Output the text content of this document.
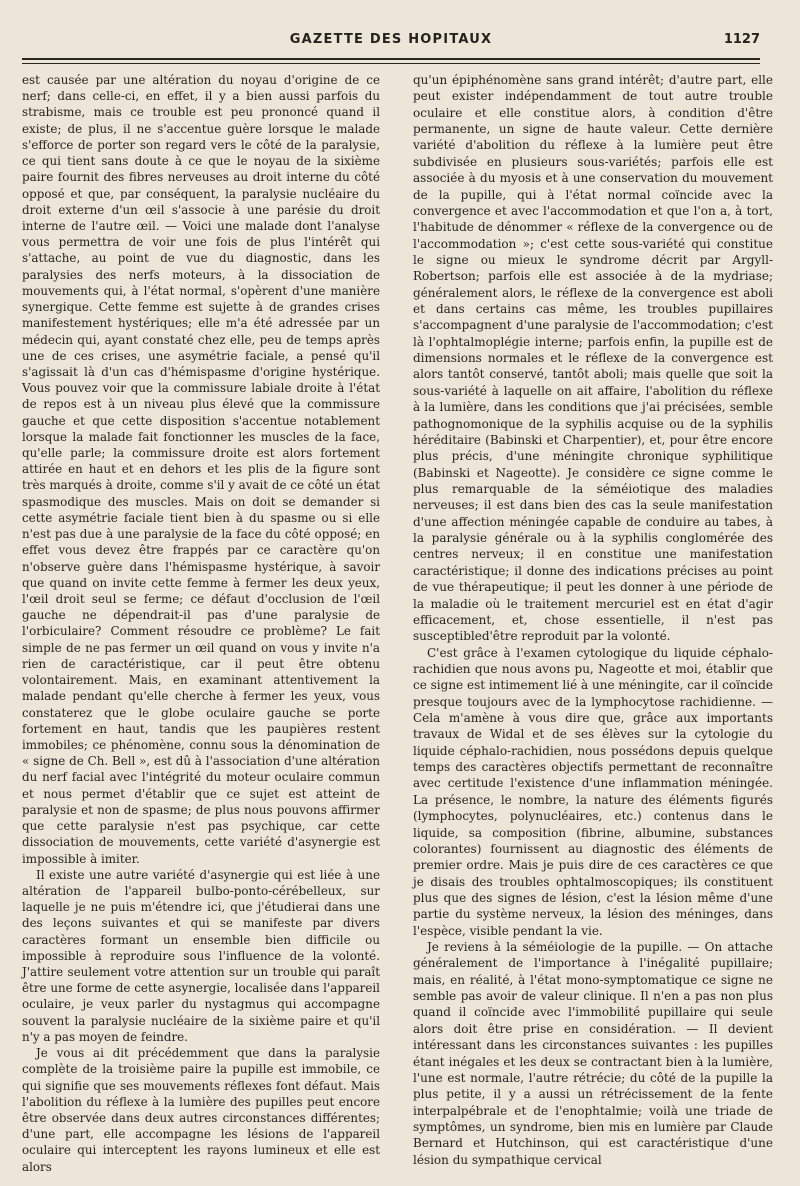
GAZETTE DES HOPITAUX	1127

est causée par une altération du noyau d'origine de ce nerf; dans celle-ci, en effet, il y a bien aussi parfois du strabisme, mais ce trouble est peu prononcé quand il existe; de plus, il ne s'accentue guère lorsque le malade s'efforce de porter son regard vers le côté de la paralysie, ce qui tient sans doute à ce que le noyau de la sixième paire fournit des fibres nerveuses au droit interne du côté opposé et que, par conséquent, la paralysie nucléaire du droit externe d'un œil s'associe à une parésie du droit interne de l'autre œil. — Voici une malade dont l'analyse vous permettra de voir une fois de plus l'intérêt qui s'attache, au point de vue du diagnostic, dans les paralysies des nerfs moteurs, à la dissociation de mouvements qui, à l'état normal, s'opèrent d'une manière synergique. Cette femme est sujette à de grandes crises manifestement hystériques; elle m'a été adressée par un médecin qui, ayant constaté chez elle, peu de temps après une de ces crises, une asymétrie faciale, a pensé qu'il s'agissait là d'un cas d'hémispasme d'origine hystérique. Vous pouvez voir que la commissure labiale droite à l'état de repos est à un niveau plus élevé que la commissure gauche et que cette disposition s'accentue notablement lorsque la malade fait fonctionner les muscles de la face, qu'elle parle; la commissure droite est alors fortement attirée en haut et en dehors et les plis de la figure sont très marqués à droite, comme s'il y avait de ce côté un état spasmodique des muscles. Mais on doit se demander si cette asymétrie faciale tient bien à du spasme ou si elle n'est pas due à une paralysie de la face du côté opposé; en effet vous devez être frappés par ce caractère qu'on n'observe guère dans l'hémispasme hystérique, à savoir que quand on invite cette femme à fermer les deux yeux, l'œil droit seul se ferme; ce défaut d'occlusion de l'œil gauche ne dépendrait-il pas d'une paralysie de l'orbiculaire? Comment résoudre ce problème? Le fait simple de ne pas fermer un œil quand on vous y invite n'a rien de caractéristique, car il peut être obtenu volontairement. Mais, en examinant attentivement la malade pendant qu'elle cherche à fermer les yeux, vous constaterez que le globe oculaire gauche se porte fortement en haut, tandis que les paupières restent immobiles; ce phénomène, connu sous la dénomination de « signe de Ch. Bell », est dû à l'association d'une altération du nerf facial avec l'intégrité du moteur oculaire commun et nous permet d'établir que ce sujet est atteint de paralysie et non de spasme; de plus nous pouvons affirmer que cette paralysie n'est pas psychique, car cette dissociation de mouvements, cette variété d'asynergie est impossible à imiter.

Il existe une autre variété d'asynergie qui est liée à une altération de l'appareil bulbo-ponto-cérébelleux, sur laquelle je ne puis m'étendre ici, que j'étudierai dans une des leçons suivantes et qui se manifeste par divers caractères formant un ensemble bien difficile ou impossible à reproduire sous l'influence de la volonté. J'attire seulement votre attention sur un trouble qui paraît être une forme de cette asynergie, localisée dans l'appareil oculaire, je veux parler du nystagmus qui accompagne souvent la paralysie nucléaire de la sixième paire et qu'il n'y a pas moyen de feindre.

Je vous ai dit précédemment que dans la paralysie complète de la troisième paire la pupille est immobile, ce qui signifie que ses mouvements réflexes font défaut. Mais l'abolition du réflexe à la lumière des pupilles peut encore être observée dans deux autres circonstances différentes; d'une part, elle accompagne les lésions de l'appareil oculaire qui interceptent les rayons lumineux et elle est alors

qu'un épiphénomène sans grand intérêt; d'autre part, elle peut exister indépendamment de tout autre trouble oculaire et elle constitue alors, à condition d'être permanente, un signe de haute valeur. Cette dernière variété d'abolition du réflexe à la lumière peut être subdivisée en plusieurs sous-variétés; parfois elle est associée à du myosis et à une conservation du mouvement de la pupille, qui à l'état normal coïncide avec la convergence et avec l'accommodation et que l'on a, à tort, l'habitude de dénommer « réflexe de la convergence ou de l'accommodation »; c'est cette sous-variété qui constitue le signe ou mieux le syndrome décrit par Argyll-Robertson; parfois elle est associée à de la mydriase; généralement alors, le réflexe de la convergence est aboli et dans certains cas même, les troubles pupillaires s'accompagnent d'une paralysie de l'accommodation; c'est là l'ophtalmoplégie interne; parfois enfin, la pupille est de dimensions normales et le réflexe de la convergence est alors tantôt conservé, tantôt aboli; mais quelle que soit la sous-variété à laquelle on ait affaire, l'abolition du réflexe à la lumière, dans les conditions que j'ai précisées, semble pathognomonique de la syphilis acquise ou de la syphilis héréditaire (Babinski et Charpentier), et, pour être encore plus précis, d'une méningite chronique syphilitique (Babinski et Nageotte). Je considère ce signe comme le plus remarquable de la séméiotique des maladies nerveuses; il est dans bien des cas la seule manifestation d'une affection méningée capable de conduire au tabes, à la paralysie générale ou à la syphilis conglomérée des centres nerveux; il en constitue une manifestation caractéristique; il donne des indications précises au point de vue thérapeutique; il peut les donner à une période de la maladie où le traitement mercuriel est en état d'agir efficacement, et, chose essentielle, il n'est pas susceptibled'être reproduit par la volonté.

C'est grâce à l'examen cytologique du liquide céphalo-rachidien que nous avons pu, Nageotte et moi, établir que ce signe est intimement lié à une méningite, car il coïncide presque toujours avec de la lymphocytose rachidienne. — Cela m'amène à vous dire que, grâce aux importants travaux de Widal et de ses élèves sur la cytologie du liquide céphalo-rachidien, nous possédons depuis quelque temps des caractères objectifs permettant de reconnaître avec certitude l'existence d'une inflammation méningée. La présence, le nombre, la nature des éléments figurés (lymphocytes, polynucléaires, etc.) contenus dans le liquide, sa composition (fibrine, albumine, substances colorantes) fournissent au diagnostic des éléments de premier ordre. Mais je puis dire de ces caractères ce que je disais des troubles ophtalmoscopiques; ils constituent plus que des signes de lésion, c'est la lésion même d'une partie du système nerveux, la lésion des méninges, dans l'espèce, visible pendant la vie.

Je reviens à la séméiologie de la pupille. — On attache généralement de l'importance à l'inégalité pupillaire; mais, en réalité, à l'état mono-symptomatique ce signe ne semble pas avoir de valeur clinique. Il n'en a pas non plus quand il coïncide avec l'immobilité pupillaire qui seule alors doit être prise en considération. — Il devient intéressant dans les circonstances suivantes : les pupilles étant inégales et les deux se contractant bien à la lumière, l'une est normale, l'autre rétrécie; du côté de la pupille la plus petite, il y a aussi un rétrécissement de la fente interpalpébrale et de l'enophtalmie; voilà une triade de symptômes, un syndrome, bien mis en lumière par Claude Bernard et Hutchinson, qui est caractéristique d'une lésion du sympathique cervical
